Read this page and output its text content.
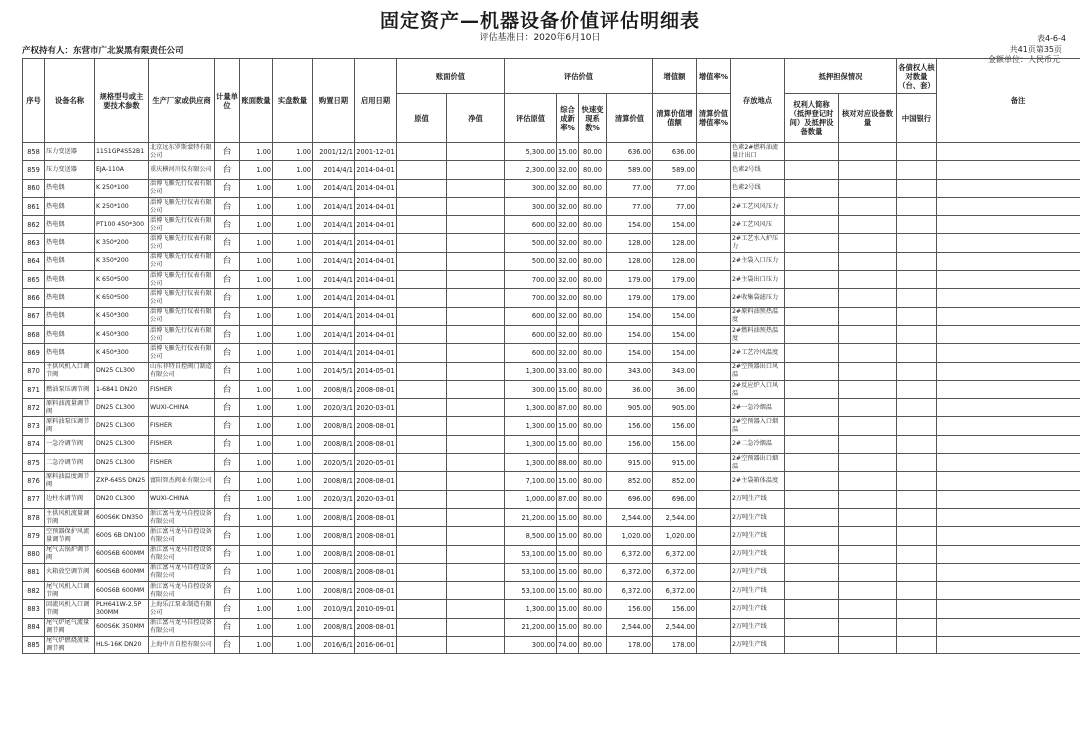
固定资产—机器设备价值评估明细表
评估基准日：2020年6月10日	表4-6-4
共41页第35页
金额单位：人民币元
产权持有人：东营市广北炭黑有限责任公司
序号	设备名称	规格型号或主要技术参数	生产厂家或供应商	计量单位	账面数量	实盘数量	购置日期	启用日期	账面价值		评估价值				增值额	增值率%	存放地点	抵押担保情况		各债权人核对数量（台、套）	备注
									原值	净值	评估原值	综合成新率%	快速变现系数%	清算价值	清算价值增值额	清算价值增值率%		权利人简称（抵押登记时间）及抵押设备数量	核对对应设备数量	中国银行	
858	压力变送器	1151GP4S52B1	北京远东罗斯蒙特有限公司	台	1.00	1.00	2001/12/1	2001-12-01			5,300.00	15.00	80.00	636.00	636.00		色素2#燃料油流量计出口				
859	压力变送器	EJA-110A	重庆横河川仪有限公司	台	1.00	1.00	2014/4/1	2014-04-01			2,300.00	32.00	80.00	589.00	589.00		色素2号线				
860	热电偶	K 250*100	淄博飞雁先行仪表有限公司	台	1.00	1.00	2014/4/1	2014-04-01			300.00	32.00	80.00	77.00	77.00		色素2号线				
861	热电偶	K 250*100	淄博飞雁先行仪表有限公司	台	1.00	1.00	2014/4/1	2014-04-01			300.00	32.00	80.00	77.00	77.00		2#工艺风风压力				
862	热电偶	PT100 450*300	淄博飞雁先行仪表有限公司	台	1.00	1.00	2014/4/1	2014-04-01			600.00	32.00	80.00	154.00	154.00		2#工艺风风压				
863	热电偶	K 350*200	淄博飞雁先行仪表有限公司	台	1.00	1.00	2014/4/1	2014-04-01			500.00	32.00	80.00	128.00	128.00		2#工艺水入炉压力				
864	热电偶	K 350*200	淄博飞雁先行仪表有限公司	台	1.00	1.00	2014/4/1	2014-04-01			500.00	32.00	80.00	128.00	128.00		2#主袋入口压力				
865	热电偶	K 650*500	淄博飞雁先行仪表有限公司	台	1.00	1.00	2014/4/1	2014-04-01			700.00	32.00	80.00	179.00	179.00		2#主袋出口压力				
866	热电偶	K 650*500	淄博飞雁先行仪表有限公司	台	1.00	1.00	2014/4/1	2014-04-01			700.00	32.00	80.00	179.00	179.00		2#收集袋滤压力				
867	热电偶	K 450*300	淄博飞雁先行仪表有限公司	台	1.00	1.00	2014/4/1	2014-04-01			600.00	32.00	80.00	154.00	154.00		2#原料油预热温度				
868	热电偶	K 450*300	淄博飞雁先行仪表有限公司	台	1.00	1.00	2014/4/1	2014-04-01			600.00	32.00	80.00	154.00	154.00		2#燃料油预热温度				
869	热电偶	K 450*300	淄博飞雁先行仪表有限公司	台	1.00	1.00	2014/4/1	2014-04-01			600.00	32.00	80.00	154.00	154.00		2#工艺冷风温度				
870	主供风机入口调节阀	DN25 CL300	山东菲特自控阀门制造有限公司	台	1.00	1.00	2014/5/1	2014-05-01			1,300.00	33.00	80.00	343.00	343.00		2#空预器出口风温				
871	燃油泵压调节阀	1-6841 DN20	FISHER	台	1.00	1.00	2008/8/1	2008-08-01			300.00	15.00	80.00	36.00	36.00		2#反应炉入口风温				
872	原料油流量调节阀	DN25 CL300	WUXI-CHINA	台	1.00	1.00	2020/3/1	2020-03-01			1,300.00	87.00	80.00	905.00	905.00		2#一急冷烟温				
873	原料油泵压调节阀	DN25 CL300	FISHER	台	1.00	1.00	2008/8/1	2008-08-01			1,300.00	15.00	80.00	156.00	156.00		2#空预器入口烟温				
874	一急冷调节阀	DN25 CL300	FISHER	台	1.00	1.00	2008/8/1	2008-08-01			1,300.00	15.00	80.00	156.00	156.00		2#二急冷烟温				
875	二急冷调节阀	DN25 CL300	FISHER	台	1.00	1.00	2020/5/1	2020-05-01			1,300.00	88.00	80.00	915.00	915.00		2#空预器出口烟温				
876	原料油温度调节阀	ZXP-64SS DN25	富阳智杰阀业有限公司	台	1.00	1.00	2008/8/1	2008-08-01			7,100.00	15.00	80.00	852.00	852.00		2#主袋箱体温度				
877	边柱水调节阀	DN20 CL300	WUXI-CHINA	台	1.00	1.00	2020/3/1	2020-03-01			1,000.00	87.00	80.00	696.00	696.00		2万吨生产线				
878	主供风机流量调节阀	600S6K DN350	浙江富马龙马自控设备有限公司	台	1.00	1.00	2008/8/1	2008-08-01			21,200.00	15.00	80.00	2,544.00	2,544.00		2万吨生产线				
879	空预器保护风流量调节阀	600S 6B DN100	浙江富马龙马自控设备有限公司	台	1.00	1.00	2008/8/1	2008-08-01			8,500.00	15.00	80.00	1,020.00	1,020.00		2万吨生产线				
880	尾气去锅炉调节阀	600S6B 600MM	浙江富马龙马自控设备有限公司	台	1.00	1.00	2008/8/1	2008-08-01			53,100.00	15.00	80.00	6,372.00	6,372.00		2万吨生产线				
881	火箱放空调节阀	600S6B 600MM	浙江富马龙马自控设备有限公司	台	1.00	1.00	2008/8/1	2008-08-01			53,100.00	15.00	80.00	6,372.00	6,372.00		2万吨生产线				
882	尾气风机入口调节阀	600S6B 600MM	浙江富马龙马自控设备有限公司	台	1.00	1.00	2008/8/1	2008-08-01			53,100.00	15.00	80.00	6,372.00	6,372.00		2万吨生产线				
883	回流风机入口调节阀	PLH641W-2.5P 300MM	上海乐江泵业制造有限公司	台	1.00	1.00	2010/9/1	2010-09-01			1,300.00	15.00	80.00	156.00	156.00		2万吨生产线				
884	尾气炉尾气流量调节阀	600S6K 350MM	浙江富马龙马自控设备有限公司	台	1.00	1.00	2008/8/1	2008-08-01			21,200.00	15.00	80.00	2,544.00	2,544.00		2万吨生产线				
885	尾气炉燃烧流量调节阀	HLS-16K DN20	上海中言自控有限公司	台	1.00	1.00	2016/6/1	2016-06-01			300.00	74.00	80.00	178.00	178.00		2万吨生产线				
